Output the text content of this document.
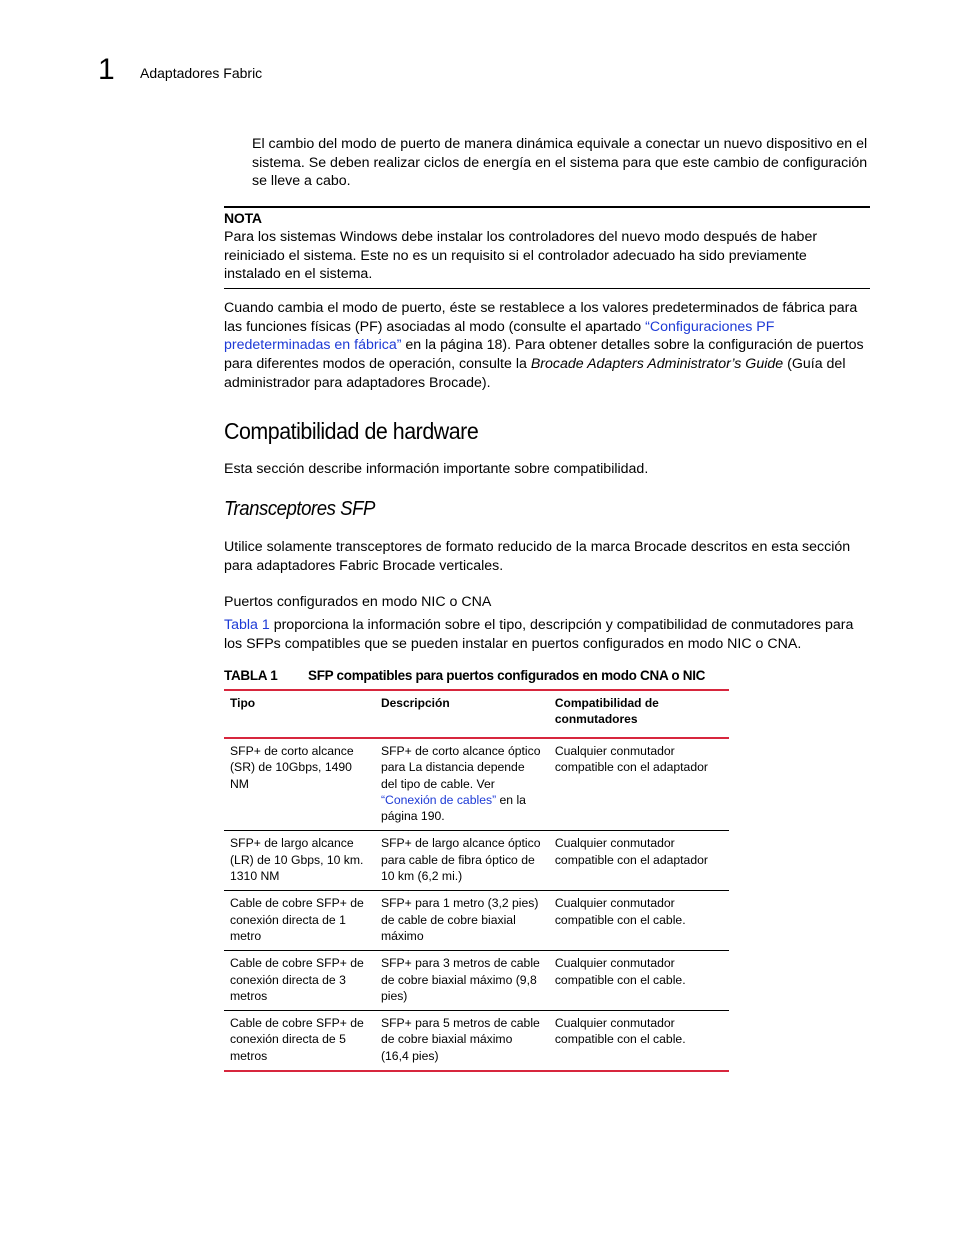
1 Adaptadores Fabric
El cambio del modo de puerto de manera dinámica equivale a conectar un nuevo dispositivo en el sistema. Se deben realizar ciclos de energía en el sistema para que este cambio de configuración se lleve a cabo.
NOTA
Para los sistemas Windows debe instalar los controladores del nuevo modo después de haber reiniciado el sistema. Este no es un requisito si el controlador adecuado ha sido previamente instalado en el sistema.
Cuando cambia el modo de puerto, éste se restablece a los valores predeterminados de fábrica para las funciones físicas (PF) asociadas al modo (consulte el apartado “Configuraciones PF predeterminadas en fábrica” en la página 18). Para obtener detalles sobre la configuración de puertos para diferentes modos de operación, consulte la Brocade Adapters Administrator’s Guide (Guía del administrador para adaptadores Brocade).
Compatibilidad de hardware
Esta sección describe información importante sobre compatibilidad.
Transceptores SFP
Utilice solamente transceptores de formato reducido de la marca Brocade descritos en esta sección para adaptadores Fabric Brocade verticales.
Puertos configurados en modo NIC o CNA
Tabla 1 proporciona la información sobre el tipo, descripción y compatibilidad de conmutadores para los SFPs compatibles que se pueden instalar en puertos configurados en modo NIC o CNA.
TABLA 1 SFP compatibles para puertos configurados en modo CNA o NIC
Tipo	Descripción	Compatibilidad de conmutadores
SFP+ de corto alcance (SR) de 10Gbps, 1490 NM	SFP+ de corto alcance óptico para La distancia depende del tipo de cable. Ver “Conexión de cables” en la página 190.	Cualquier conmutador compatible con el adaptador
SFP+ de largo alcance (LR) de 10 Gbps, 10 km. 1310 NM	SFP+ de largo alcance óptico para cable de fibra óptico de 10 km (6,2 mi.)	Cualquier conmutador compatible con el adaptador
Cable de cobre SFP+ de conexión directa de 1 metro	SFP+ para 1 metro (3,2 pies) de cable de cobre biaxial máximo	Cualquier conmutador compatible con el cable.
Cable de cobre SFP+ de conexión directa de 3 metros	SFP+ para 3 metros de cable de cobre biaxial máximo (9,8 pies)	Cualquier conmutador compatible con el cable.
Cable de cobre SFP+ de conexión directa de 5 metros	SFP+ para 5 metros de cable de cobre biaxial máximo (16,4 pies)	Cualquier conmutador compatible con el cable.
